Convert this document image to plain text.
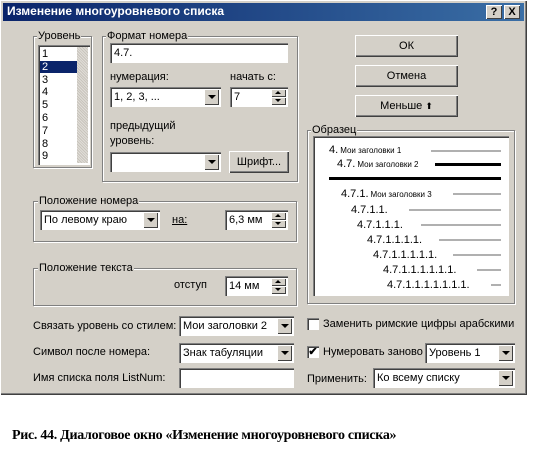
Изменение многоуровневого списка	? X
Уровень
1
2
3
4
5
6
7
8
9
Формат номера
4.7.
нумерация:
1, 2, 3, ...
начать с:
7
предыдущий
уровень:
Шрифт...
ОК
Отмена
Меньше ⬆
Образец
4. Мои заголовки 1
4.7. Мои заголовки 2
4.7.1. Мои заголовки 3
4.7.1.1.
4.7.1.1.1.
4.7.1.1.1.1.
4.7.1.1.1.1.1.
4.7.1.1.1.1.1.1.
4.7.1.1.1.1.1.1.1.
Положение номера
По левому краю	на:	6,3 мм
Положение текста
отступ 14 мм
Связать уровень со стилем: Мои заголовки 2
Символ после номера:	Знак табуляции
Имя списка поля ListNum:
Заменить римские цифры арабскими
✔ Нумеровать заново Уровень 1
Применить: Ко всему списку
Рис. 44. Диалоговое окно «Изменение многоуровневого списка»
